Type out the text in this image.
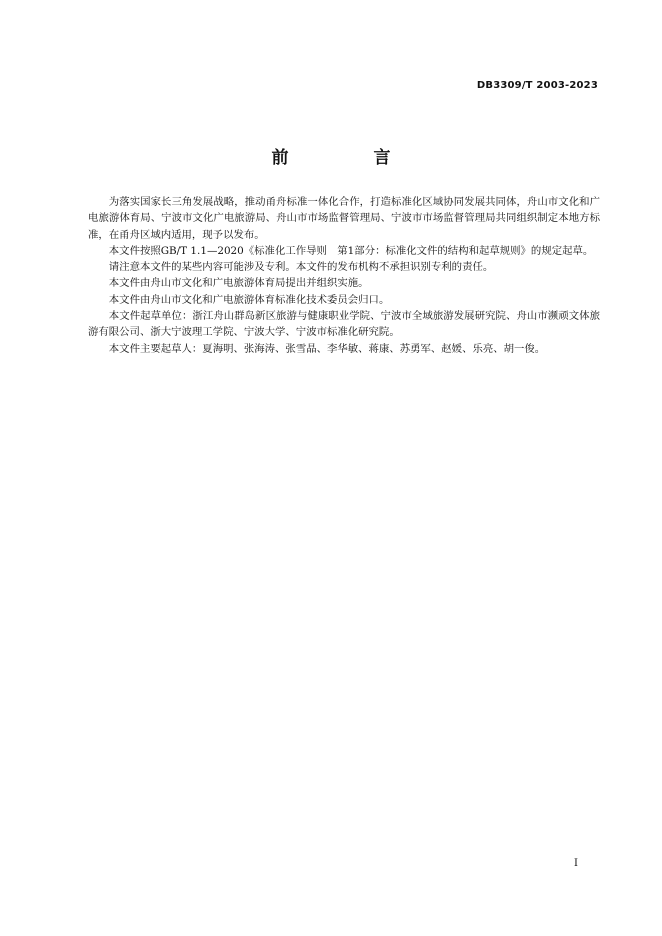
DB3309/T 2003-2023
前　言

为落实国家长三角发展战略，推动甬舟标准一体化合作，打造标准化区域协同发展共同体，舟山市文化和广电旅游体育局、宁波市文化广电旅游局、舟山市市场监督管理局、宁波市市场监督管理局共同组织制定本地方标准，在甬舟区域内适用，现予以发布。

本文件按照GB/T 1.1—2020《标准化工作导则　第1部分：标准化文件的结构和起草规则》的规定起草。

请注意本文件的某些内容可能涉及专利。本文件的发布机构不承担识别专利的责任。

本文件由舟山市文化和广电旅游体育局提出并组织实施。

本文件由舟山市文化和广电旅游体育标准化技术委员会归口。

本文件起草单位：浙江舟山群岛新区旅游与健康职业学院、宁波市全域旅游发展研究院、舟山市濒顽文体旅游有限公司、浙大宁波理工学院、宁波大学、宁波市标准化研究院。

本文件主要起草人：夏海明、张海涛、张雪晶、李华敏、蒋康、苏勇军、赵媛、乐亮、胡一俊。

I
